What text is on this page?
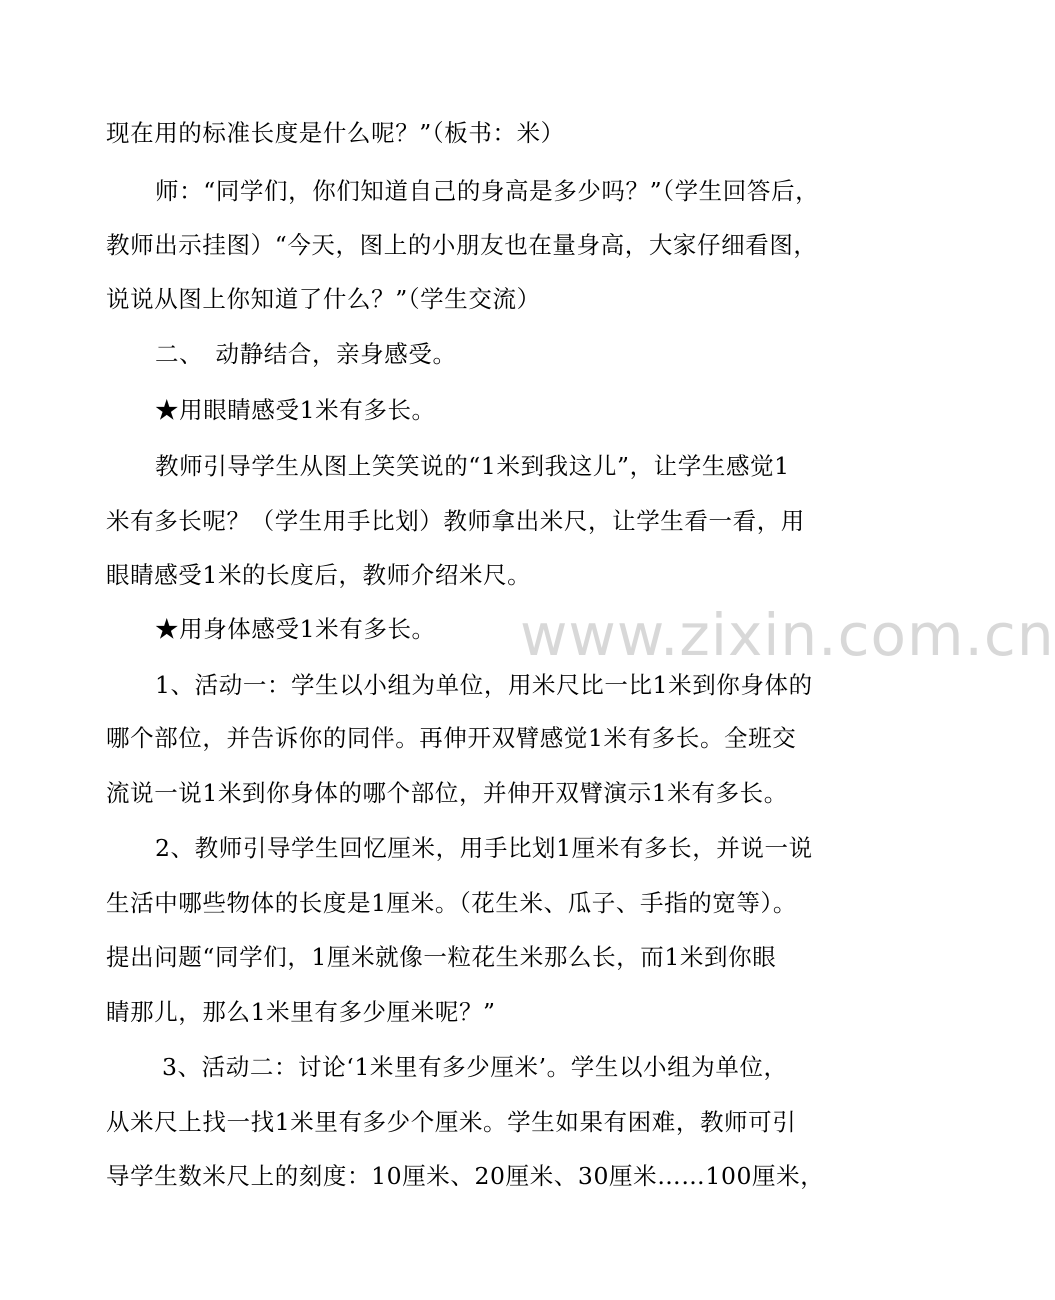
www.zixin.com.cn
现在用的标准长度是什么呢？”（板书：米）
师：“同学们，你们知道自己的身高是多少吗？”（学生回答后，
教师出示挂图）“今天，图上的小朋友也在量身高，大家仔细看图，
说说从图上你知道了什么？”（学生交流）
二、　动静结合，亲身感受。
★用眼睛感受1米有多长。
教师引导学生从图上笑笑说的“1米到我这儿”，让学生感觉1
米有多长呢？（学生用手比划）教师拿出米尺，让学生看一看，用
眼睛感受1米的长度后，教师介绍米尺。
★用身体感受1米有多长。
1、活动一：学生以小组为单位，用米尺比一比1米到你身体的
哪个部位，并告诉你的同伴。再伸开双臂感觉1米有多长。全班交
流说一说1米到你身体的哪个部位，并伸开双臂演示1米有多长。
2、教师引导学生回忆厘米，用手比划1厘米有多长，并说一说
生活中哪些物体的长度是1厘米。（花生米、瓜子、手指的宽等）。
提出问题“同学们，1厘米就像一粒花生米那么长，而1米到你眼
睛那儿，那么1米里有多少厘米呢？”
3、活动二：讨论‘1米里有多少厘米’。学生以小组为单位，
从米尺上找一找1米里有多少个厘米。学生如果有困难，教师可引
导学生数米尺上的刻度：10厘米、20厘米、30厘米……100厘米，
